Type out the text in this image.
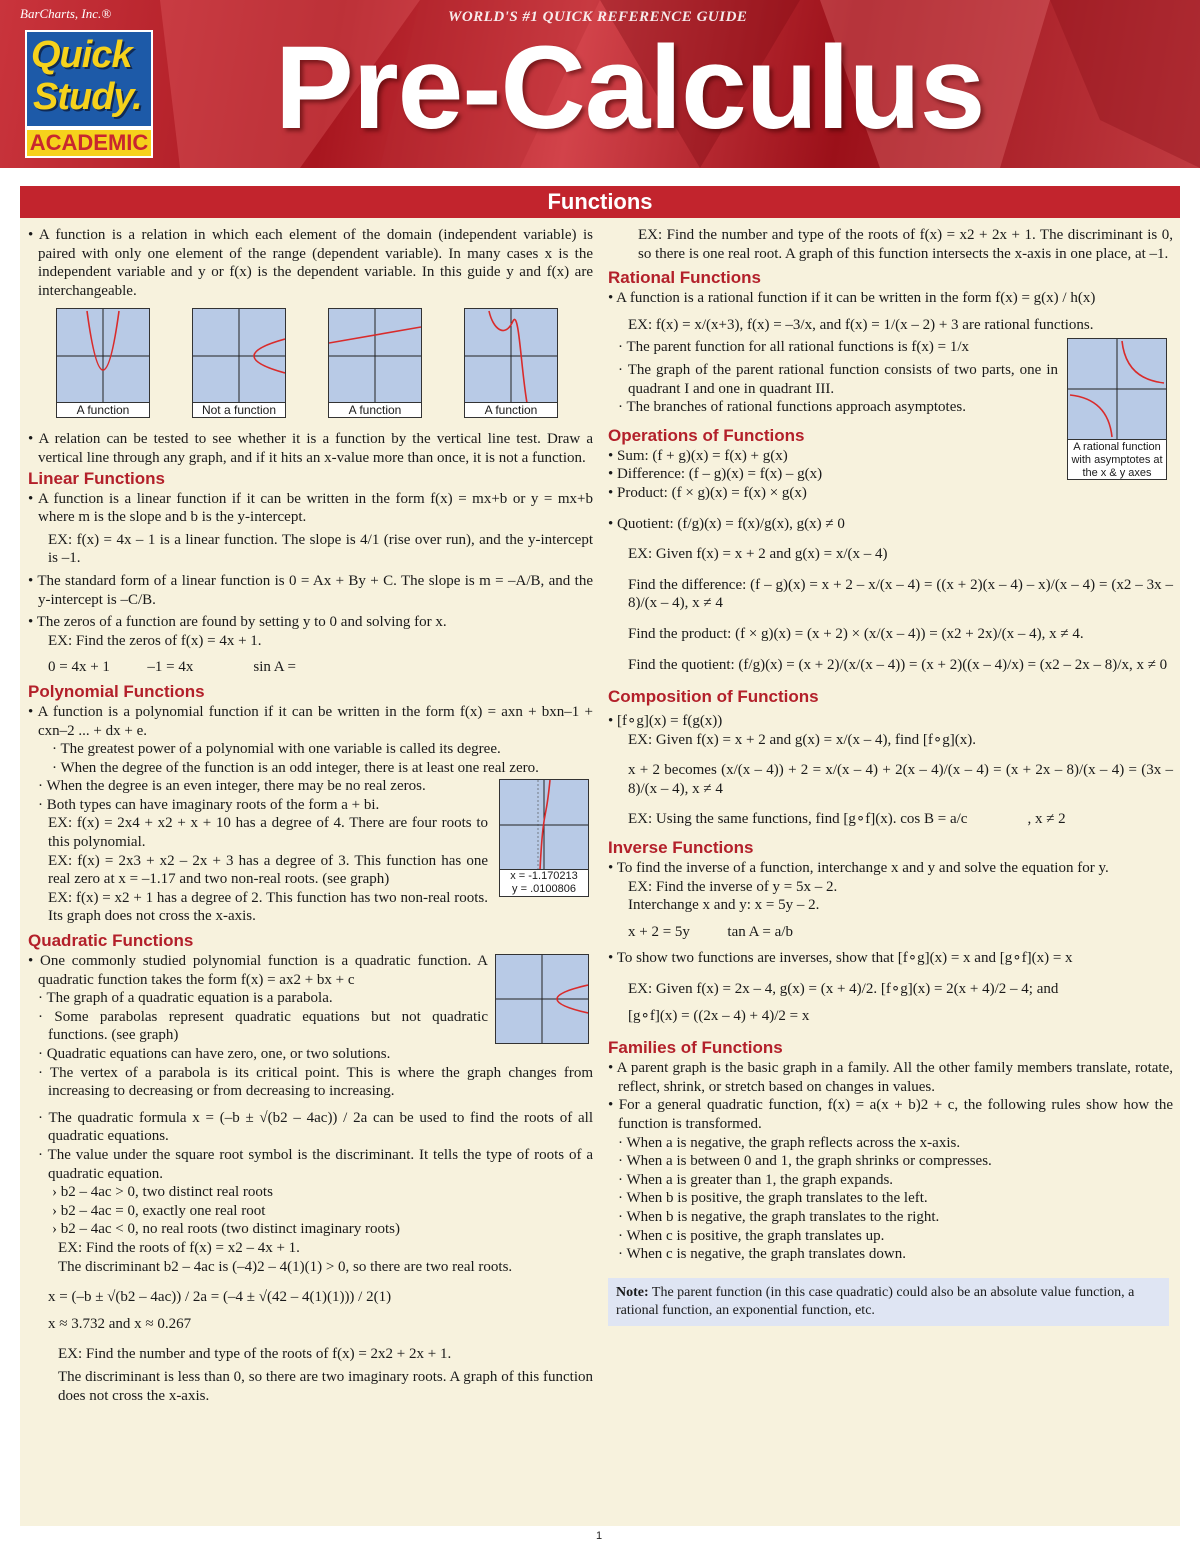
BarCharts, Inc.®	WORLD'S #1 QUICK REFERENCE GUIDE
Quick
Study.
ACADEMIC Pre-Calculus
Functions

• A function is a relation in which each element of the domain (independent variable) is paired with only one element of the range (dependent variable). In many cases x is the independent variable and y or f(x) is the dependent variable. In this guide y and f(x) are interchangeable.

A function	Not a function	A function	A function

• A relation can be tested to see whether it is a function by the vertical line test. Draw a vertical line through any graph, and if it hits an x-value more than once, it is not a function.

Linear Functions

• A function is a linear function if it can be written in the form f(x) = mx+b or y = mx+b where m is the slope and b is the y-intercept.

EX: f(x) = 4x – 1 is a linear function. The slope is 4/1 (rise over run), and the y-intercept is –1.

• The standard form of a linear function is 0 = Ax + By + C. The slope is m = –A/B, and the y-intercept is –C/B.

• The zeros of a function are found by setting y to 0 and solving for x.

EX: Find the zeros of f(x) = 4x + 1.

0 = 4x + 1          –1 = 4x                sin A =

Polynomial Functions

• A function is a polynomial function if it can be written in the form f(x) = axn + bxn–1 + cxn–2 ... + dx + e.

· The greatest power of a polynomial with one variable is called its degree.

· When the degree of the function is an odd integer, there is at least one real zero.

x = -1.170213
y = .0100806

· When the degree is an even integer, there may be no real zeros.

· Both types can have imaginary roots of the form a + bi.

EX: f(x) = 2x4 + x2 + x + 10 has a degree of 4. There are four roots to this polynomial.

EX: f(x) = 2x3 + x2 – 2x + 3 has a degree of 3. This function has one real zero at x = –1.17 and two non-real roots. (see graph)

EX: f(x) = x2 + 1 has a degree of 2. This function has two non-real roots. Its graph does not cross the x-axis.

Quadratic Functions

• One commonly studied polynomial function is a quadratic function. A quadratic function takes the form f(x) = ax2 + bx + c

· The graph of a quadratic equation is a parabola.

· Some parabolas represent quadratic equations but not quadratic functions. (see graph)

· Quadratic equations can have zero, one, or two solutions.

· The vertex of a parabola is its critical point. This is where the graph changes from increasing to decreasing or from decreasing to increasing.

· The quadratic formula x = (–b ± √(b2 – 4ac)) / 2a can be used to find the roots of all quadratic equations.

· The value under the square root symbol is the discriminant. It tells the type of roots of a quadratic equation.

› b2 – 4ac > 0, two distinct real roots

› b2 – 4ac = 0, exactly one real root

› b2 – 4ac < 0, no real roots (two distinct imaginary roots)

EX: Find the roots of f(x) = x2 – 4x + 1.

The discriminant b2 – 4ac is (–4)2 – 4(1)(1) > 0, so there are two real roots.

x = (–b ± √(b2 – 4ac)) / 2a = (–4 ± √(42 – 4(1)(1))) / 2(1)

x ≈ 3.732 and x ≈ 0.267

EX: Find the number and type of the roots of f(x) = 2x2 + 2x + 1.

The discriminant is less than 0, so there are two imaginary roots. A graph of this function does not cross the x-axis.

EX: Find the number and type of the roots of f(x) = x2 + 2x + 1. The discriminant is 0, so there is one real root. A graph of this function intersects the x-axis in one place, at –1.

Rational Functions

• A function is a rational function if it can be written in the form f(x) = g(x) / h(x)

EX: f(x) = x/(x+3), f(x) = –3/x, and f(x) = 1/(x – 2) + 3 are rational functions.

A rational function with asymptotes at the x & y axes

· The parent function for all rational functions is f(x) = 1/x

· The graph of the parent rational function consists of two parts, one in quadrant I and one in quadrant III.

· The branches of rational functions approach asymptotes.

Operations of Functions

• Sum: (f + g)(x) = f(x) + g(x)

• Difference: (f – g)(x) = f(x) – g(x)

• Product: (f × g)(x) = f(x) × g(x)

• Quotient: (f/g)(x) = f(x)/g(x), g(x) ≠ 0

EX: Given f(x) = x + 2 and g(x) = x/(x – 4)

Find the difference: (f – g)(x) = x + 2 – x/(x – 4) = ((x + 2)(x – 4) – x)/(x – 4) = (x2 – 3x – 8)/(x – 4), x ≠ 4

Find the product: (f × g)(x) = (x + 2) × (x/(x – 4)) = (x2 + 2x)/(x – 4), x ≠ 4.

Find the quotient: (f/g)(x) = (x + 2)/(x/(x – 4)) = (x + 2)((x – 4)/x) = (x2 – 2x – 8)/x, x ≠ 0

Composition of Functions

• [f∘g](x) = f(g(x))

EX: Given f(x) = x + 2 and g(x) = x/(x – 4), find [f∘g](x).

x + 2 becomes (x/(x – 4)) + 2 = x/(x – 4) + 2(x – 4)/(x – 4) = (x + 2x – 8)/(x – 4) = (3x – 8)/(x – 4), x ≠ 4

EX: Using the same functions, find [g∘f](x). cos B = a/c	, x ≠ 2

Inverse Functions

• To find the inverse of a function, interchange x and y and solve the equation for y.

EX: Find the inverse of y = 5x – 2.

Interchange x and y: x = 5y – 2.

x + 2 = 5y          tan A = a/b

• To show two functions are inverses, show that [f∘g](x) = x and [g∘f](x) = x

EX: Given f(x) = 2x – 4, g(x) = (x + 4)/2. [f∘g](x) = 2(x + 4)/2 – 4; and

[g∘f](x) = ((2x – 4) + 4)/2 = x

Families of Functions

• A parent graph is the basic graph in a family. All the other family members translate, rotate, reflect, shrink, or stretch based on changes in values.

• For a general quadratic function, f(x) = a(x + b)2 + c, the following rules show how the function is transformed.

· When a is negative, the graph reflects across the x-axis.

· When a is between 0 and 1, the graph shrinks or compresses.

· When a is greater than 1, the graph expands.

· When b is positive, the graph translates to the left.

· When b is negative, the graph translates to the right.

· When c is positive, the graph translates up.

· When c is negative, the graph translates down.

Note: The parent function (in this case quadratic) could also be an absolute value function, a rational function, an exponential function, etc.
1
